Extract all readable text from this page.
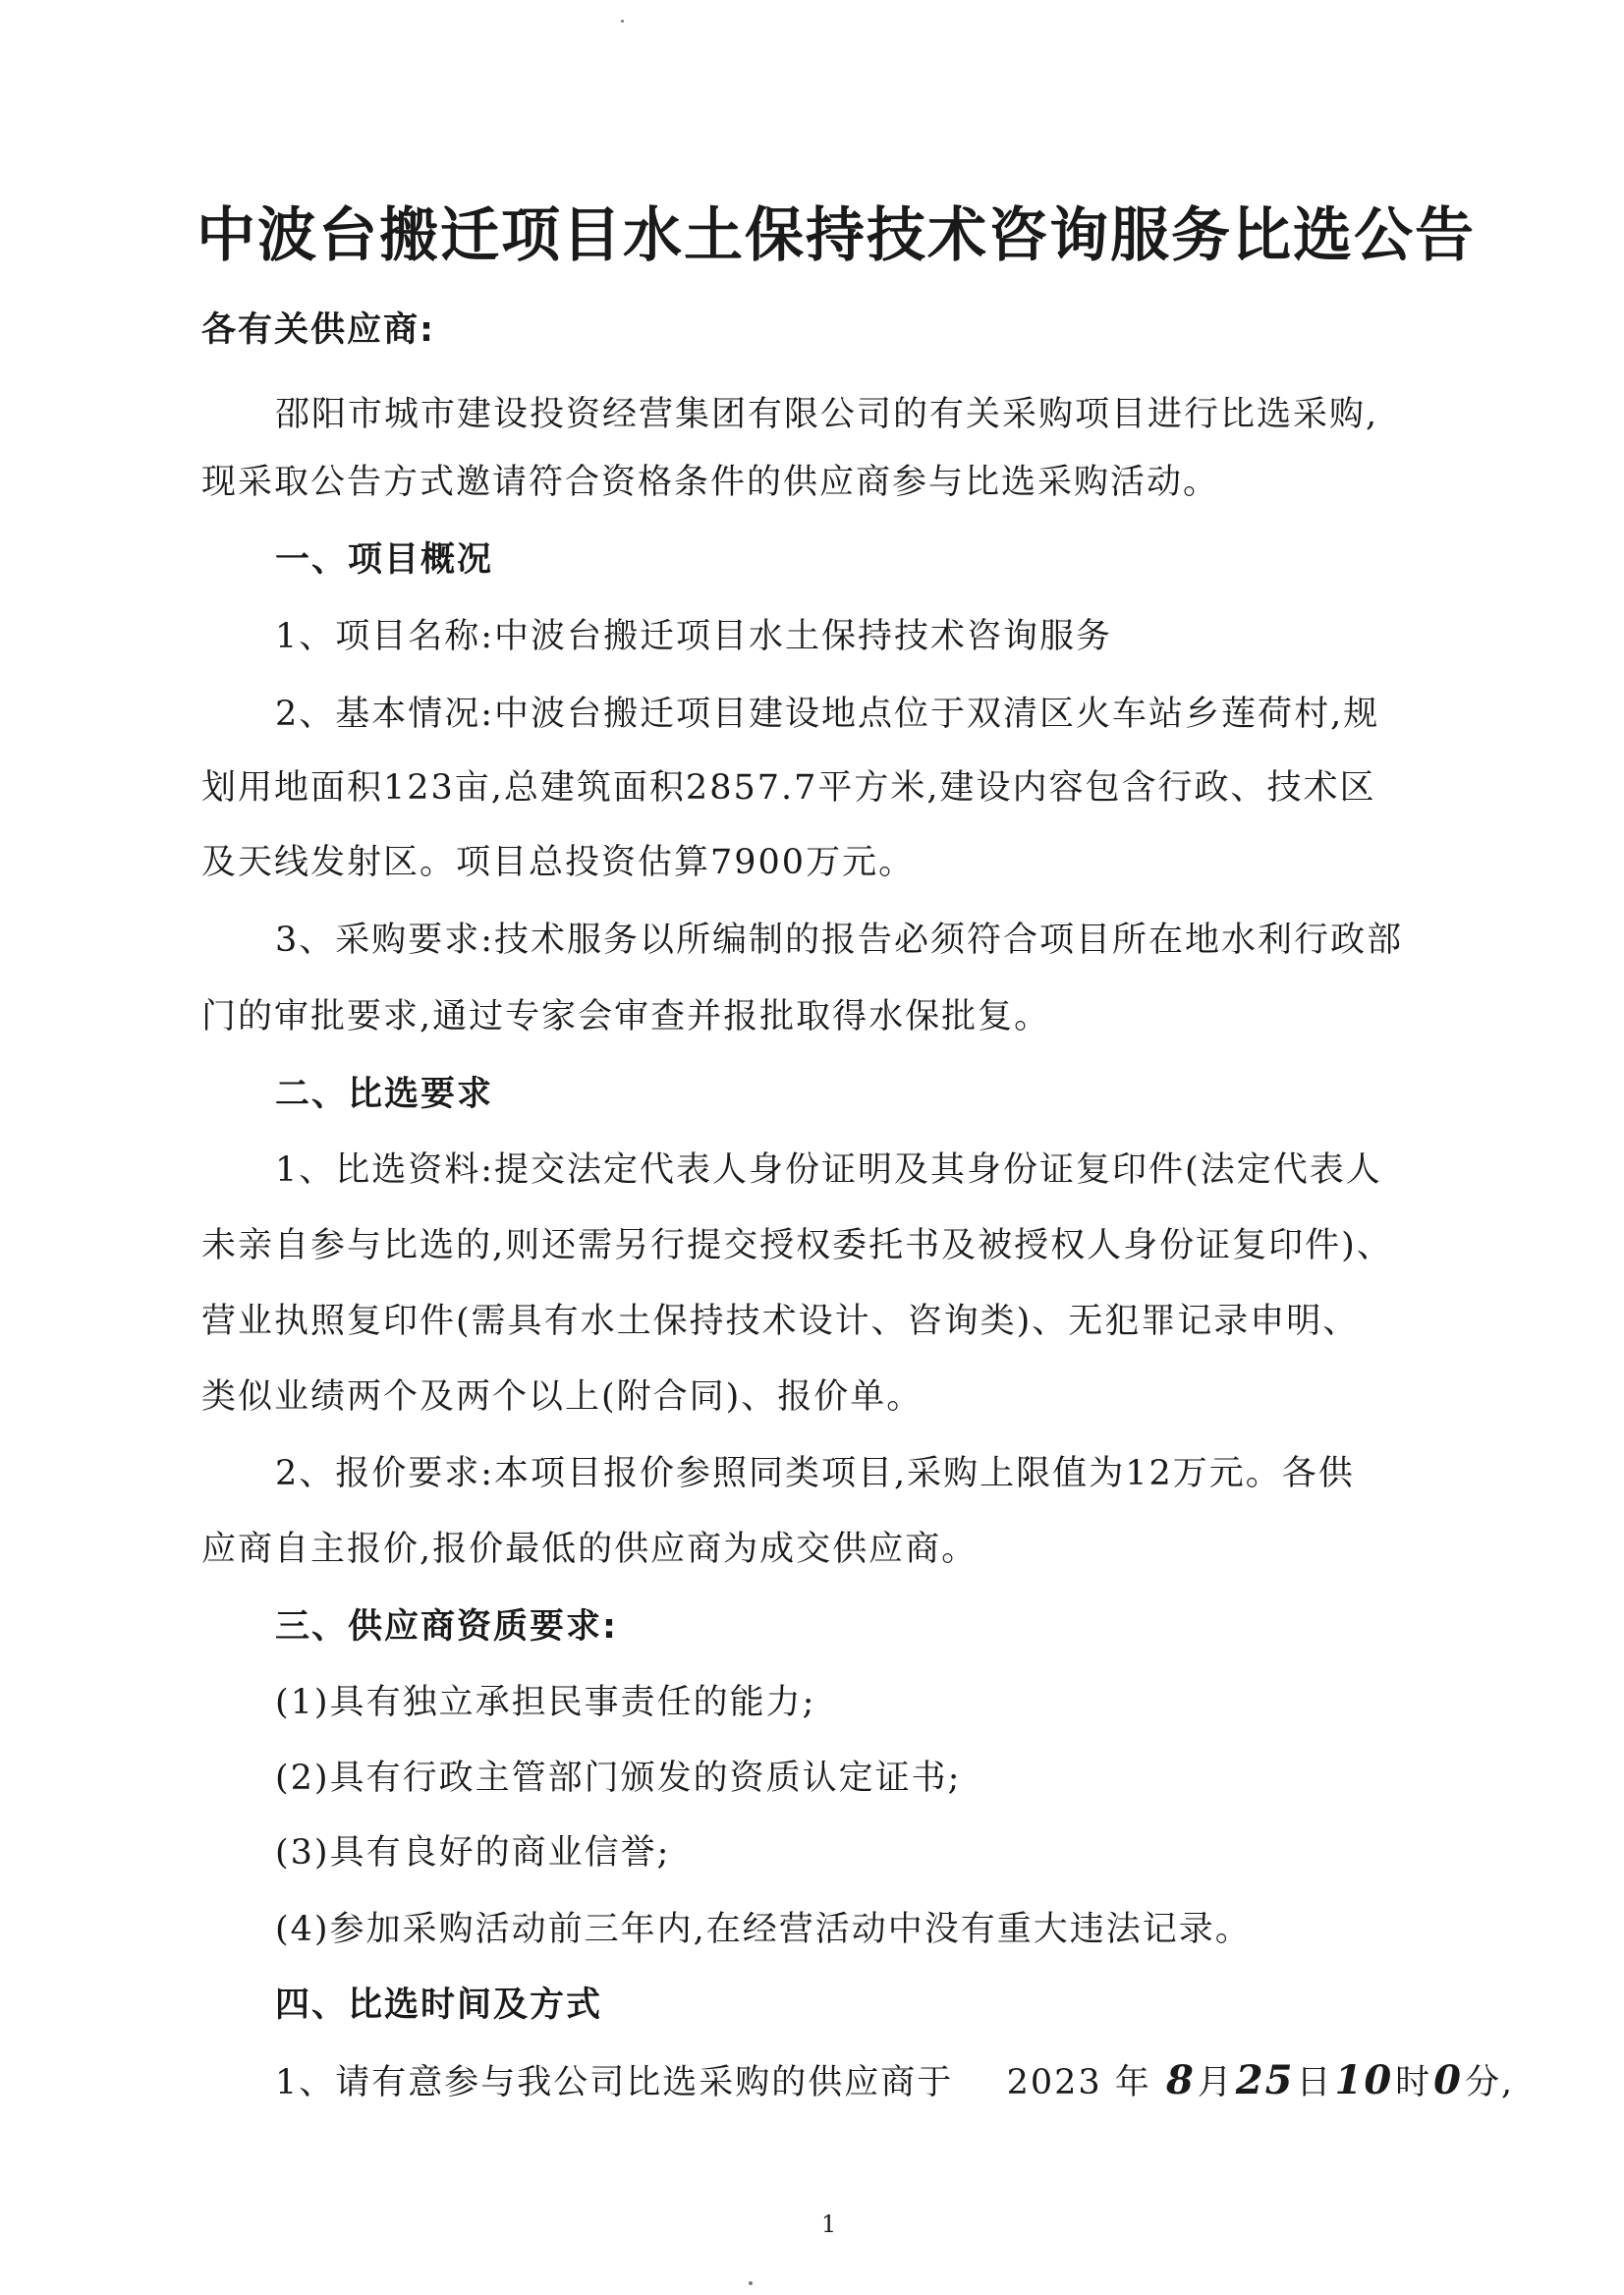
中波台搬迁项目水土保持技术咨询服务比选公告
各有关供应商:
邵阳市城市建设投资经营集团有限公司的有关采购项目进行比选采购,
现采取公告方式邀请符合资格条件的供应商参与比选采购活动。
一、项目概况
1、项目名称:中波台搬迁项目水土保持技术咨询服务
2、基本情况:中波台搬迁项目建设地点位于双清区火车站乡莲荷村,规
划用地面积123亩,总建筑面积2857.7平方米,建设内容包含行政、技术区
及天线发射区。项目总投资估算7900万元。
3、采购要求:技术服务以所编制的报告必须符合项目所在地水利行政部
门的审批要求,通过专家会审查并报批取得水保批复。
二、比选要求
1、比选资料:提交法定代表人身份证明及其身份证复印件(法定代表人
未亲自参与比选的,则还需另行提交授权委托书及被授权人身份证复印件)、
营业执照复印件(需具有水土保持技术设计、咨询类)、无犯罪记录申明、
类似业绩两个及两个以上(附合同)、报价单。
2、报价要求:本项目报价参照同类项目,采购上限值为12万元。各供
应商自主报价,报价最低的供应商为成交供应商。
三、供应商资质要求:
(1)具有独立承担民事责任的能力;
(2)具有行政主管部门颁发的资质认定证书;
(3)具有良好的商业信誉;
(4)参加采购活动前三年内,在经营活动中没有重大违法记录。
四、比选时间及方式
1、请有意参与我公司比选采购的供应商于 2023 年 8月25日10时0分,
1
